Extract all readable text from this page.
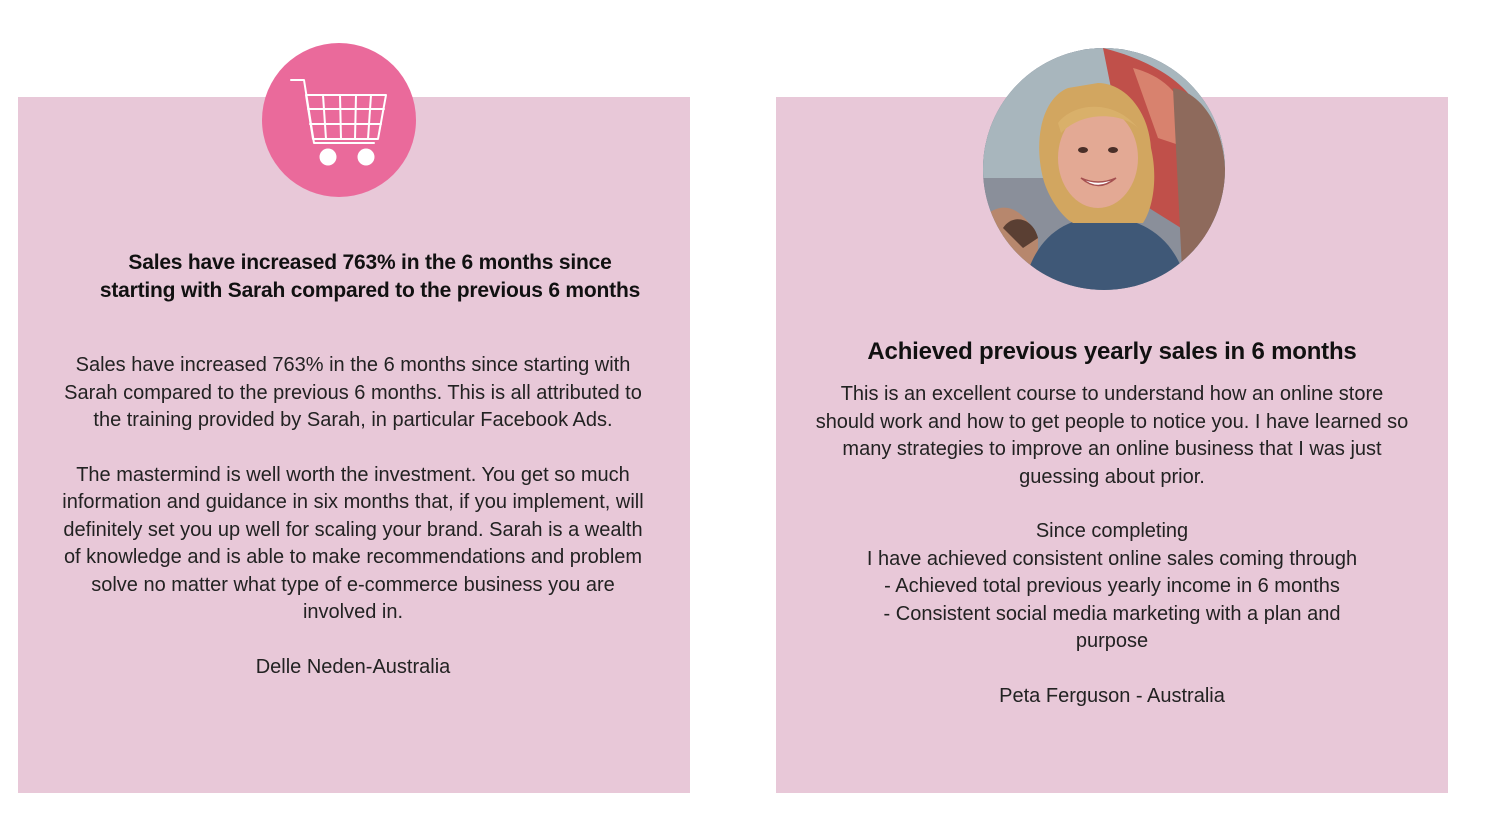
Sales have increased 763% in the 6 months since
starting with Sarah compared to the previous 6 months

Sales have increased 763% in the 6 months since starting with Sarah compared to the previous 6 months. This is all attributed to the training provided by Sarah, in particular Facebook Ads.

The mastermind is well worth the investment. You get so much information and guidance in six months that, if you implement, will definitely set you up well for scaling your brand. Sarah is a wealth of knowledge and is able to make recommendations and problem solve no matter what type of e-commerce business you are involved in.

Delle Neden-Australia

Achieved previous yearly sales in 6 months

This is an excellent course to understand how an online store should work and how to get people to notice you. I have learned so many strategies to improve an online business that I was just guessing about prior.

Since completing

I have achieved consistent online sales coming through

- Achieved total previous yearly income in 6 months

- Consistent social media marketing with a plan and purpose

Peta Ferguson - Australia
